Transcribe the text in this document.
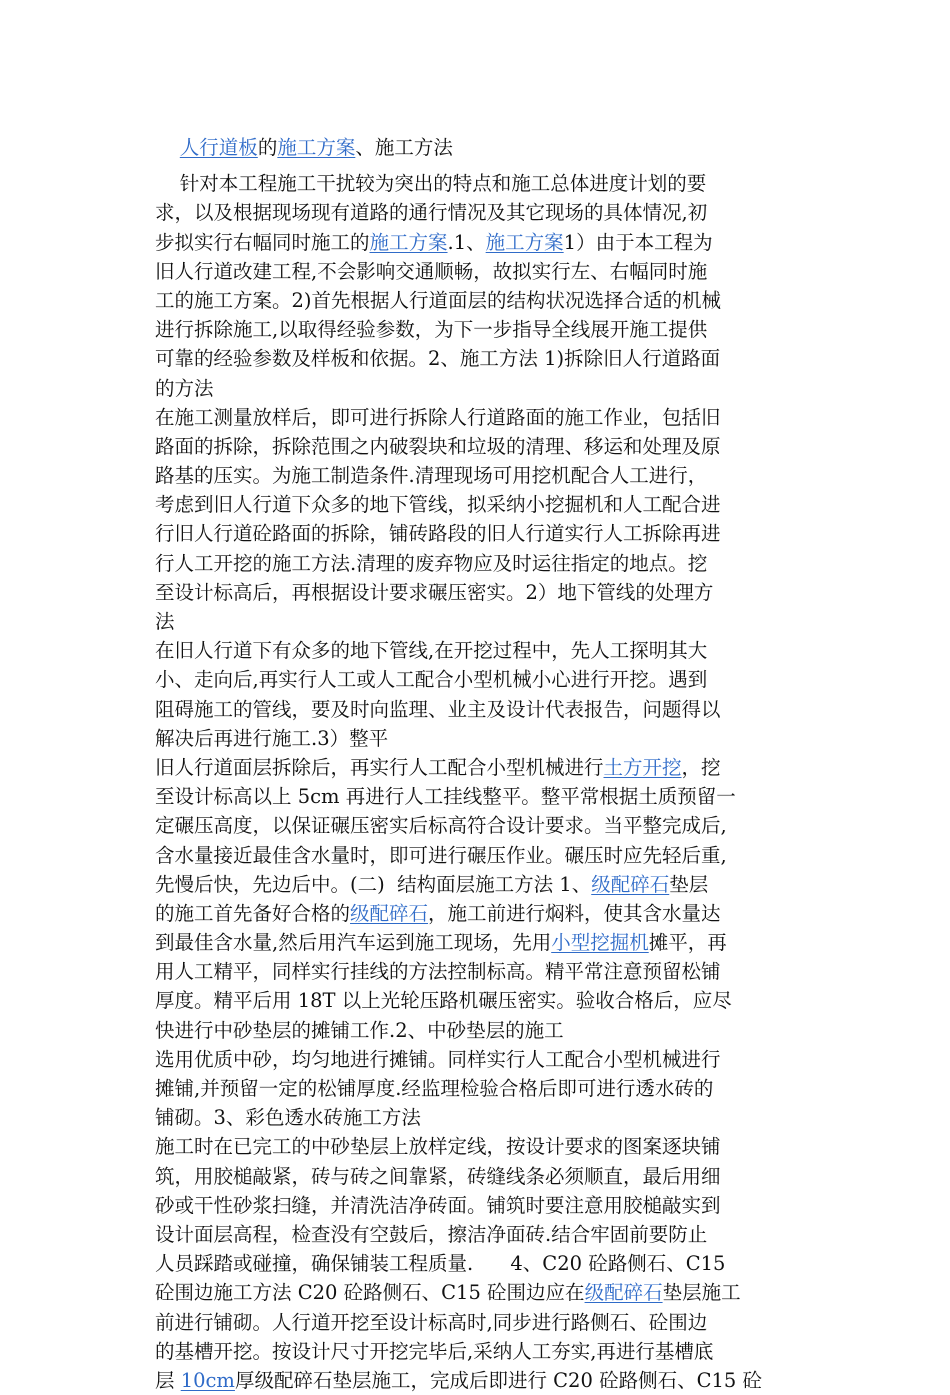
人行道板的施工方案、施工方法
针对本工程施工干扰较为突出的特点和施工总体进度计划的要
求，以及根据现场现有道路的通行情况及其它现场的具体情况,初
步拟实行右幅同时施工的施工方案.1、施工方案1）由于本工程为
旧人行道改建工程,不会影响交通顺畅，故拟实行左、右幅同时施
工的施工方案。2)首先根据人行道面层的结构状况选择合适的机械
进行拆除施工,以取得经验参数，为下一步指导全线展开施工提供
可靠的经验参数及样板和依据。2、施工方法 1)拆除旧人行道路面
的方法
在施工测量放样后，即可进行拆除人行道路面的施工作业，包括旧
路面的拆除，拆除范围之内破裂块和垃圾的清理、移运和处理及原
路基的压实。为施工制造条件.清理现场可用挖机配合人工进行，
考虑到旧人行道下众多的地下管线，拟采纳小挖掘机和人工配合进
行旧人行道砼路面的拆除，铺砖路段的旧人行道实行人工拆除再进
行人工开挖的施工方法.清理的废弃物应及时运往指定的地点。挖
至设计标高后，再根据设计要求碾压密实。2）地下管线的处理方
法
在旧人行道下有众多的地下管线,在开挖过程中，先人工探明其大
小、走向后,再实行人工或人工配合小型机械小心进行开挖。遇到
阻碍施工的管线，要及时向监理、业主及设计代表报告，问题得以
解决后再进行施工.3）整平
旧人行道面层拆除后，再实行人工配合小型机械进行土方开挖，挖
至设计标高以上 5cm 再进行人工挂线整平。整平常根据土质预留一
定碾压高度，以保证碾压密实后标高符合设计要求。当平整完成后,
含水量接近最佳含水量时，即可进行碾压作业。碾压时应先轻后重,
先慢后快，先边后中。(二)  结构面层施工方法 1、级配碎石垫层
的施工首先备好合格的级配碎石，施工前进行焖料，使其含水量达
到最佳含水量,然后用汽车运到施工现场，先用小型挖掘机摊平，再
用人工精平，同样实行挂线的方法控制标高。精平常注意预留松铺
厚度。精平后用 18T 以上光轮压路机碾压密实。验收合格后，应尽
快进行中砂垫层的摊铺工作.2、中砂垫层的施工
选用优质中砂，均匀地进行摊铺。同样实行人工配合小型机械进行
摊铺,并预留一定的松铺厚度.经监理检验合格后即可进行透水砖的
铺砌。3、彩色透水砖施工方法
施工时在已完工的中砂垫层上放样定线，按设计要求的图案逐块铺
筑，用胶槌敲紧，砖与砖之间靠紧，砖缝线条必须顺直，最后用细
砂或干性砂浆扫缝，并清洗洁净砖面。铺筑时要注意用胶槌敲实到
设计面层高程，检查没有空鼓后，擦洁净面砖.结合牢固前要防止
人员踩踏或碰撞，确保铺装工程质量.      4、C20 砼路侧石、C15
砼围边施工方法 C20 砼路侧石、C15 砼围边应在级配碎石垫层施工
前进行铺砌。人行道开挖至设计标高时,同步进行路侧石、砼围边
的基槽开挖。按设计尺寸开挖完毕后,采纳人工夯实,再进行基槽底
层 10cm厚级配碎石垫层施工，完成后即进行 C20 砼路侧石、C15 砼
